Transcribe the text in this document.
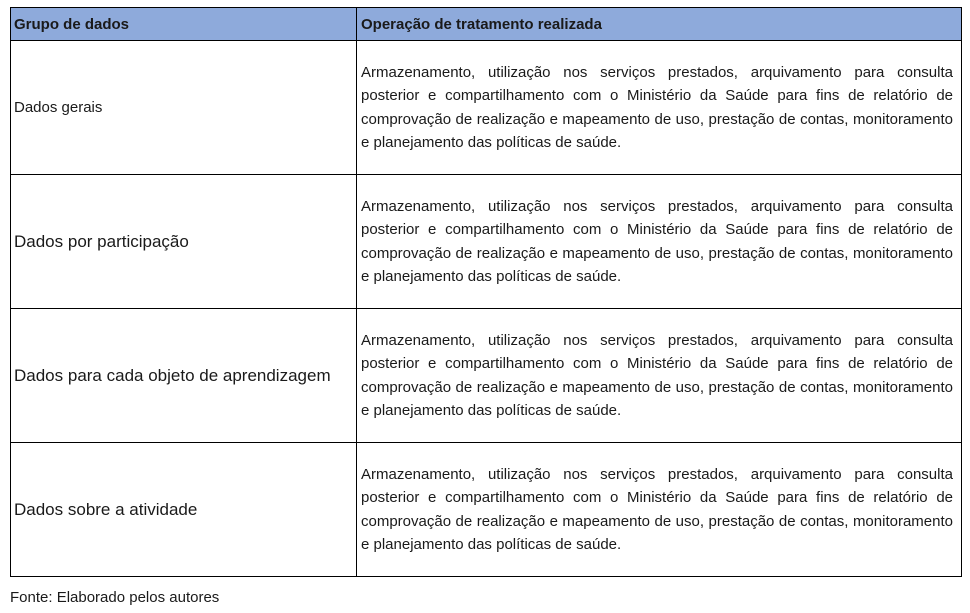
Grupo de dados	Operação de tratamento realizada
Dados gerais	Armazenamento, utilização nos serviços prestados, arquivamento para consulta posterior e compartilhamento com o Ministério da Saúde para fins de relatório de comprovação de realização e mapeamento de uso, prestação de contas, monitoramento e planejamento das políticas de saúde.
Dados por participação	Armazenamento, utilização nos serviços prestados, arquivamento para consulta posterior e compartilhamento com o Ministério da Saúde para fins de relatório de comprovação de realização e mapeamento de uso, prestação de contas, monitoramento e planejamento das políticas de saúde.
Dados para cada objeto de aprendizagem	Armazenamento, utilização nos serviços prestados, arquivamento para consulta posterior e compartilhamento com o Ministério da Saúde para fins de relatório de comprovação de realização e mapeamento de uso, prestação de contas, monitoramento e planejamento das políticas de saúde.
Dados sobre a atividade	Armazenamento, utilização nos serviços prestados, arquivamento para consulta posterior e compartilhamento com o Ministério da Saúde para fins de relatório de comprovação de realização e mapeamento de uso, prestação de contas, monitoramento e planejamento das políticas de saúde.
Fonte: Elaborado pelos autores
